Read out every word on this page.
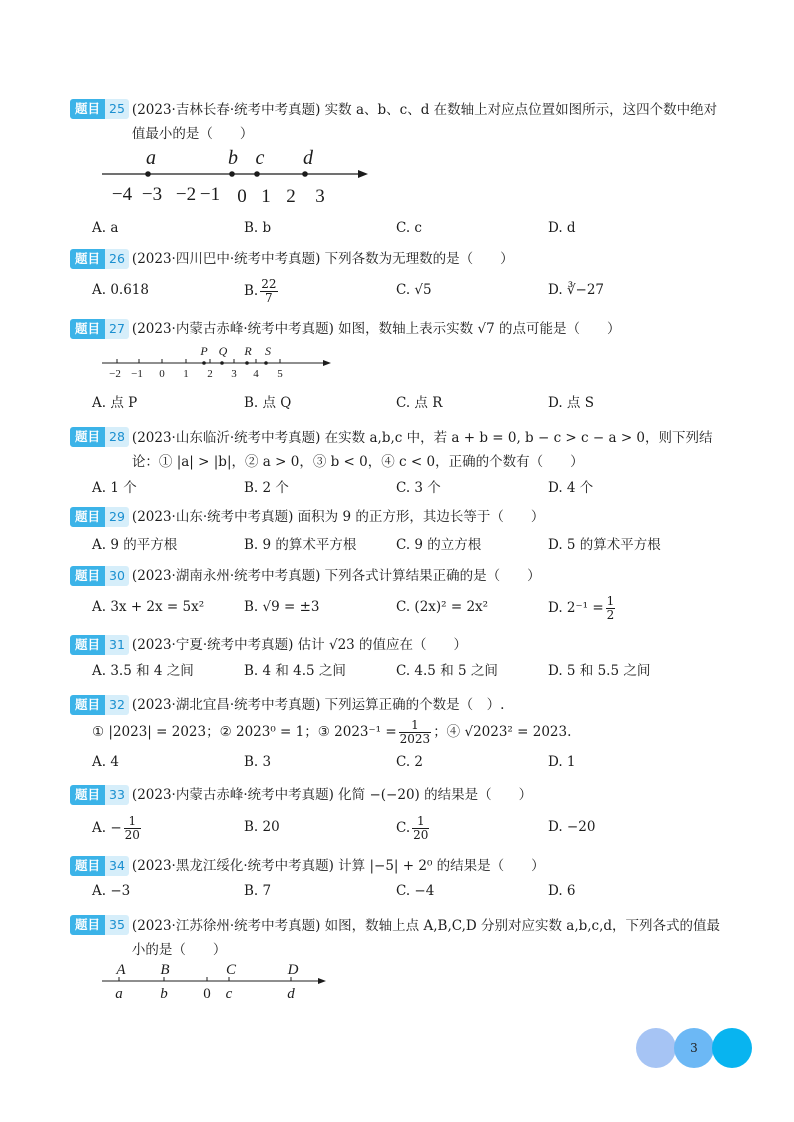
题目 25 (2023·吉林长春·统考中考真题) 实数 a、b、c、d 在数轴上对应点位置如图所示，这四个数中绝对值最小的是（　　）
−4 −3 −2 −1 0 1 2 3
a	b c d
A. a	B. b	C. c	D. d
题目 26 (2023·四川巴中·统考中考真题) 下列各数为无理数的是（　　）
A. 0.618	B. $\frac{22}{7}$	C. √5	D. ∛−27
题目 27 (2023·内蒙古赤峰·统考中考真题) 如图，数轴上表示实数 √7 的点可能是（　　）
−2 −1 0 1 2 3 4 5
P Q R S
A. 点 P	B. 点 Q	C. 点 R	D. 点 S
题目 28 (2023·山东临沂·统考中考真题) 在实数 a,b,c 中，若 a + b = 0, b − c > c − a > 0，则下列结论：① |a| > |b|，② a > 0，③ b < 0，④ c < 0，正确的个数有（　　）
A. 1 个	B. 2 个	C. 3 个	D. 4 个
题目 29 (2023·山东·统考中考真题) 面积为 9 的正方形，其边长等于（　　）
A. 9 的平方根	B. 9 的算术平方根	C. 9 的立方根	D. 5 的算术平方根
题目 30 (2023·湖南永州·统考中考真题) 下列各式计算结果正确的是（　　）
A. 3x + 2x = 5x²	B. √9 = ±3	C. (2x)² = 2x²	D. $2^{-1} = \frac{1}{2}$
题目 31 (2023·宁夏·统考中考真题) 估计 √23 的值应在（　　）
A. 3.5 和 4 之间	B. 4 和 4.5 之间	C. 4.5 和 5 之间	D. 5 和 5.5 之间
题目 32 (2023·湖北宜昌·统考中考真题) 下列运算正确的个数是（　）.
① |2023| = 2023；② 2023⁰ = 1；③ $2023^{-1} = \frac{1}{2023}$ ；④ √2023² = 2023.
A. 4	B. 3	C. 2	D. 1
题目 33 (2023·内蒙古赤峰·统考中考真题) 化简 −(−20) 的结果是（　　）
A. − $\frac{1}{20}$	B. 20	C. $\frac{1}{20}$	D. −20
题目 34 (2023·黑龙江绥化·统考中考真题) 计算 |−5| + 2⁰ 的结果是（　　）
A. −3	B. 7	C. −4	D. 6
题目 35 (2023·江苏徐州·统考中考真题) 如图，数轴上点 A,B,C,D 分别对应实数 a,b,c,d，下列各式的值最小的是（　　）
A B	C	D
a	b	c	d
0
3
